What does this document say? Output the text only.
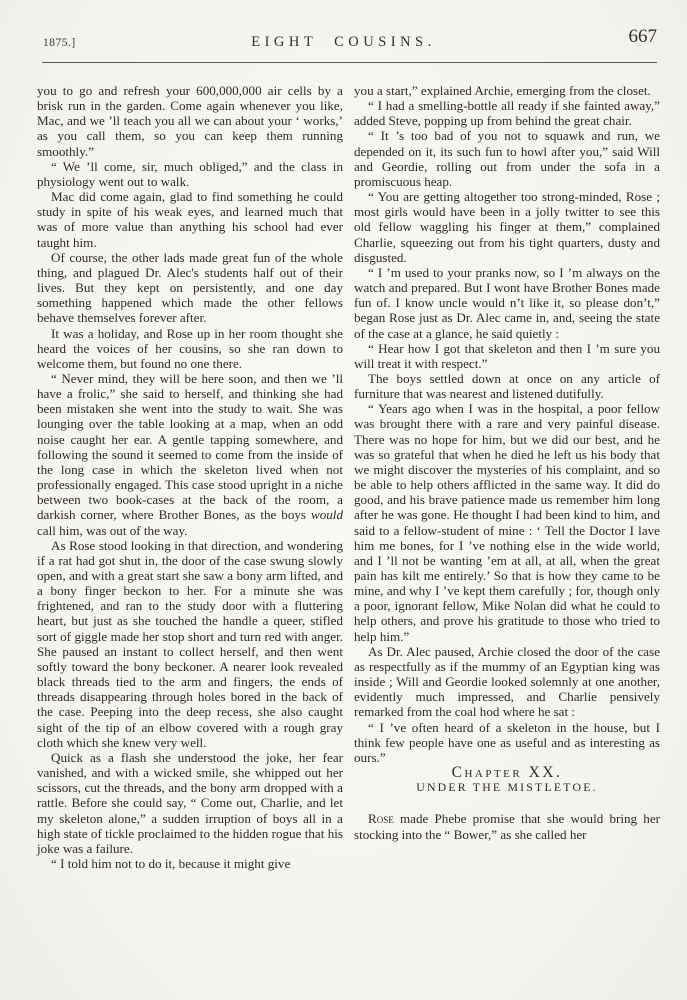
1875.]	EIGHT COUSINS.	667

you to go and refresh your 600,000,000 air cells by a brisk run in the garden. Come again whenever you like, Mac, and we ’ll teach you all we can about your ‘ works,’ as you call them, so you can keep them running smoothly.”

“ We ’ll come, sir, much obliged,” and the class in physiology went out to walk.

Mac did come again, glad to find something he could study in spite of his weak eyes, and learned much that was of more value than anything his school had ever taught him.

Of course, the other lads made great fun of the whole thing, and plagued Dr. Alec's students half out of their lives. But they kept on persistently, and one day something happened which made the other fellows behave themselves forever after.

It was a holiday, and Rose up in her room thought she heard the voices of her cousins, so she ran down to welcome them, but found no one there.

“ Never mind, they will be here soon, and then we ’ll have a frolic,” she said to herself, and thinking she had been mistaken she went into the study to wait. She was lounging over the table looking at a map, when an odd noise caught her ear. A gentle tapping somewhere, and following the sound it seemed to come from the inside of the long case in which the skeleton lived when not professionally engaged. This case stood upright in a niche between two book-cases at the back of the room, a darkish corner, where Brother Bones, as the boys would call him, was out of the way.

As Rose stood looking in that direction, and wondering if a rat had got shut in, the door of the case swung slowly open, and with a great start she saw a bony arm lifted, and a bony finger beckon to her. For a minute she was frightened, and ran to the study door with a fluttering heart, but just as she touched the handle a queer, stifled sort of giggle made her stop short and turn red with anger. She paused an instant to collect herself, and then went softly toward the bony beckoner. A nearer look revealed black threads tied to the arm and fingers, the ends of threads disappearing through holes bored in the back of the case. Peeping into the deep recess, she also caught sight of the tip of an elbow covered with a rough gray cloth which she knew very well.

Quick as a flash she understood the joke, her fear vanished, and with a wicked smile, she whipped out her scissors, cut the threads, and the bony arm dropped with a rattle. Before she could say, “ Come out, Charlie, and let my skeleton alone,” a sudden irruption of boys all in a high state of tickle proclaimed to the hidden rogue that his joke was a failure.

“ I told him not to do it, because it might give

you a start,” explained Archie, emerging from the closet.

“ I had a smelling-bottle all ready if she fainted away,” added Steve, popping up from behind the great chair.

“ It ’s too bad of you not to squawk and run, we depended on it, its such fun to howl after you,” said Will and Geordie, rolling out from under the sofa in a promiscuous heap.

“ You are getting altogether too strong-minded, Rose ; most girls would have been in a jolly twitter to see this old fellow waggling his finger at them,” complained Charlie, squeezing out from his tight quarters, dusty and disgusted.

“ I ’m used to your pranks now, so I ’m always on the watch and prepared. But I wont have Brother Bones made fun of. I know uncle would n’t like it, so please don’t,” began Rose just as Dr. Alec came in, and, seeing the state of the case at a glance, he said quietly :

“ Hear how I got that skeleton and then I ’m sure you will treat it with respect.”

The boys settled down at once on any article of furniture that was nearest and listened dutifully.

“ Years ago when I was in the hospital, a poor fellow was brought there with a rare and very painful disease. There was no hope for him, but we did our best, and he was so grateful that when he died he left us his body that we might discover the mysteries of his complaint, and so be able to help others afflicted in the same way. It did do good, and his brave patience made us remember him long after he was gone. He thought I had been kind to him, and said to a fellow-student of mine : ‘ Tell the Doctor I lave him me bones, for I ’ve nothing else in the wide world, and I ’ll not be wanting ’em at all, at all, when the great pain has kilt me entirely.’ So that is how they came to be mine, and why I ’ve kept them carefully ; for, though only a poor, ignorant fellow, Mike Nolan did what he could to help others, and prove his gratitude to those who tried to help him.”

As Dr. Alec paused, Archie closed the door of the case as respectfully as if the mummy of an Egyptian king was inside ; Will and Geordie looked solemnly at one another, evidently much impressed, and Charlie pensively remarked from the coal hod where he sat :

“ I ’ve often heard of a skeleton in the house, but I think few people have one as useful and as interesting as ours.”

Chapter XX.

UNDER THE MISTLETOE.

Rose made Phebe promise that she would bring her stocking into the “ Bower,” as she called her
